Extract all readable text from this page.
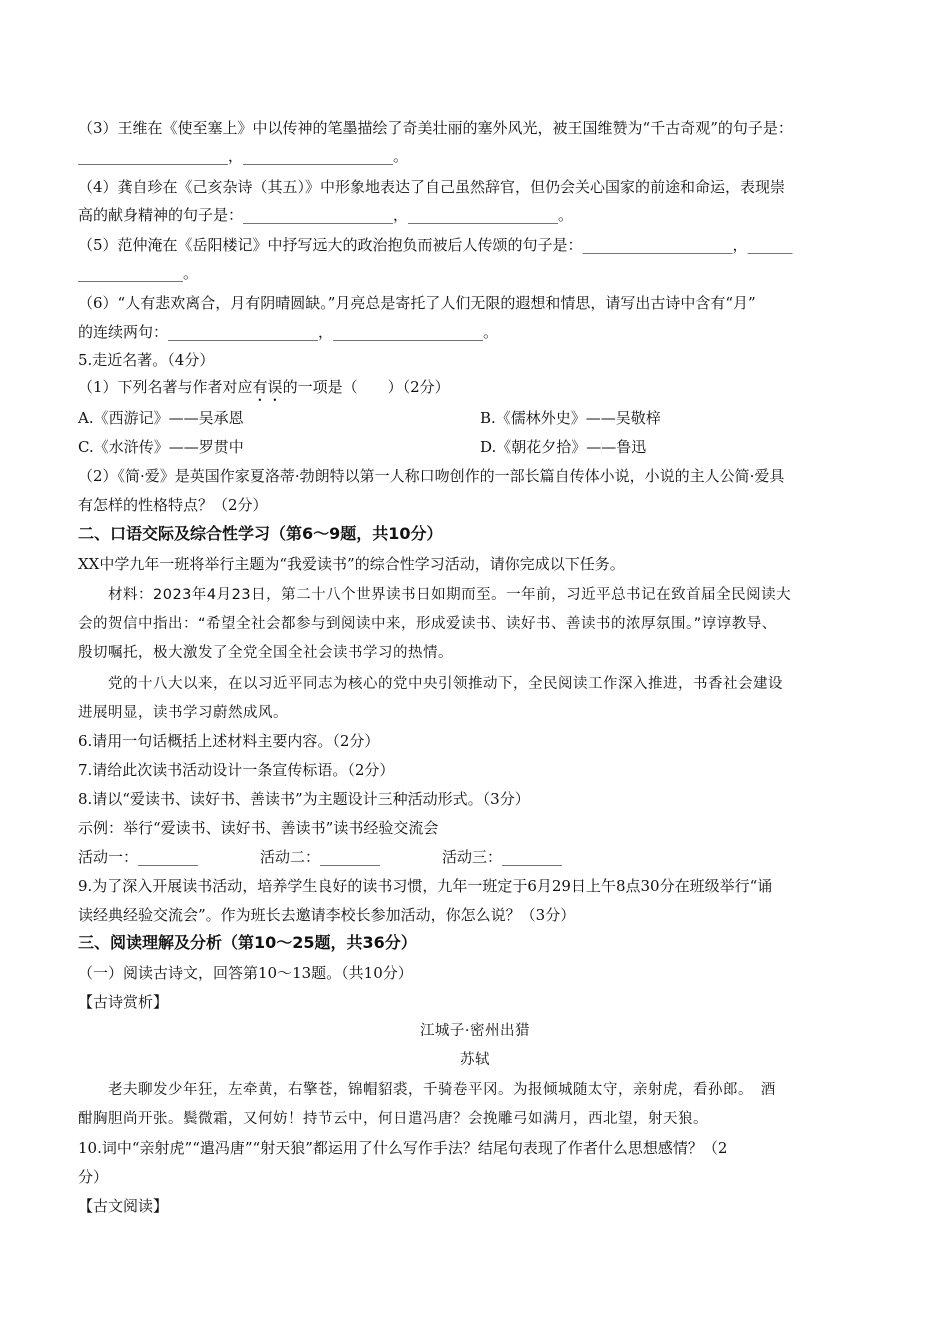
（3）王维在《使至塞上》中以传神的笔墨描绘了奇美壮丽的塞外风光，被王国维赞为“千古奇观”的句子是：
____________________，____________________。
（4）龚自珍在《己亥杂诗（其五）》中形象地表达了自己虽然辞官，但仍会关心国家的前途和命运，表现崇
高的献身精神的句子是：____________________，____________________。
（5）范仲淹在《岳阳楼记》中抒写远大的政治抱负而被后人传颂的句子是：____________________，______
______________。
（6）“人有悲欢离合，月有阴晴圆缺。”月亮总是寄托了人们无限的遐想和情思，请写出古诗中含有“月”
的连续两句：____________________，____________________。
5.走近名著。（4分）
（1）下列名著与作者对应有误的一项是（　　）（2分）
A.《西游记》——吴承恩	B.《儒林外史》——吴敬梓
C.《水浒传》——罗贯中	D.《朝花夕拾》——鲁迅
（2）《简·爱》是英国作家夏洛蒂·勃朗特以第一人称口吻创作的一部长篇自传体小说，小说的主人公简·爱具
有怎样的性格特点？（2分）
二、口语交际及综合性学习（第6～9题，共10分）
XX中学九年一班将举行主题为“我爱读书”的综合性学习活动，请你完成以下任务。
材料：2023年4月23日，第二十八个世界读书日如期而至。一年前，习近平总书记在致首届全民阅读大
会的贺信中指出：“希望全社会都参与到阅读中来，形成爱读书、读好书、善读书的浓厚氛围。”谆谆教导、
殷切嘱托，极大激发了全党全国全社会读书学习的热情。
党的十八大以来，在以习近平同志为核心的党中央引领推动下，全民阅读工作深入推进，书香社会建设
进展明显，读书学习蔚然成风。
6.请用一句话概括上述材料主要内容。（2分）
7.请给此次读书活动设计一条宣传标语。（2分）
8.请以“爱读书、读好书、善读书”为主题设计三种活动形式。（3分）
示例：举行“爱读书、读好书、善读书”读书经验交流会
活动一：________	活动二：________	活动三：________
9.为了深入开展读书活动，培养学生良好的读书习惯，九年一班定于6月29日上午8点30分在班级举行“诵
读经典经验交流会”。作为班长去邀请李校长参加活动，你怎么说？（3分）
三、阅读理解及分析（第10～25题，共36分）
（一）阅读古诗文，回答第10～13题。（共10分）
【古诗赏析】
江城子·密州出猎
苏轼
老夫聊发少年狂，左牵黄，右擎苍，锦帽貂裘，千骑卷平冈。为报倾城随太守，亲射虎，看孙郎。　酒
酣胸胆尚开张。鬓微霜，又何妨！持节云中，何日遣冯唐？会挽雕弓如满月，西北望，射天狼。
10.词中“亲射虎”“遣冯唐”“射天狼”都运用了什么写作手法？结尾句表现了作者什么思想感情？（2
分）
【古文阅读】
